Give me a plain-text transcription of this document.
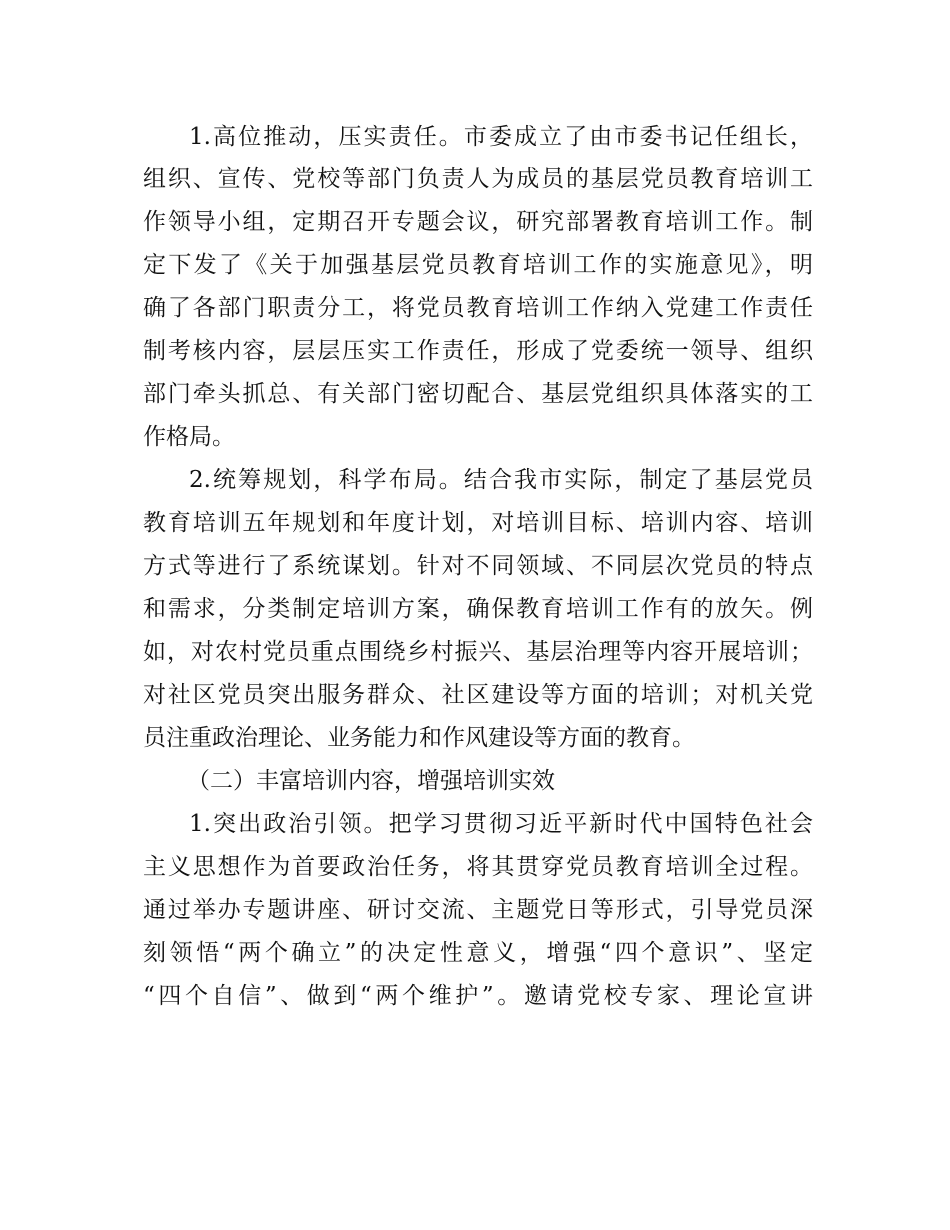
1.高位推动，压实责任。市委成立了由市委书记任组长，
组织、宣传、党校等部门负责人为成员的基层党员教育培训工
作领导小组，定期召开专题会议，研究部署教育培训工作。制
定下发了《关于加强基层党员教育培训工作的实施意见》，明
确了各部门职责分工，将党员教育培训工作纳入党建工作责任
制考核内容，层层压实工作责任，形成了党委统一领导、组织
部门牵头抓总、有关部门密切配合、基层党组织具体落实的工
作格局。
2.统筹规划，科学布局。结合我市实际，制定了基层党员
教育培训五年规划和年度计划，对培训目标、培训内容、培训
方式等进行了系统谋划。针对不同领域、不同层次党员的特点
和需求，分类制定培训方案，确保教育培训工作有的放矢。例
如，对农村党员重点围绕乡村振兴、基层治理等内容开展培训；
对社区党员突出服务群众、社区建设等方面的培训；对机关党
员注重政治理论、业务能力和作风建设等方面的教育。
（二）丰富培训内容，增强培训实效
1.突出政治引领。把学习贯彻习近平新时代中国特色社会
主义思想作为首要政治任务，将其贯穿党员教育培训全过程。
通过举办专题讲座、研讨交流、主题党日等形式，引导党员深
刻领悟“两个确立”的决定性意义，增强“四个意识”、坚定
“四个自信”、做到“两个维护”。邀请党校专家、理论宣讲
